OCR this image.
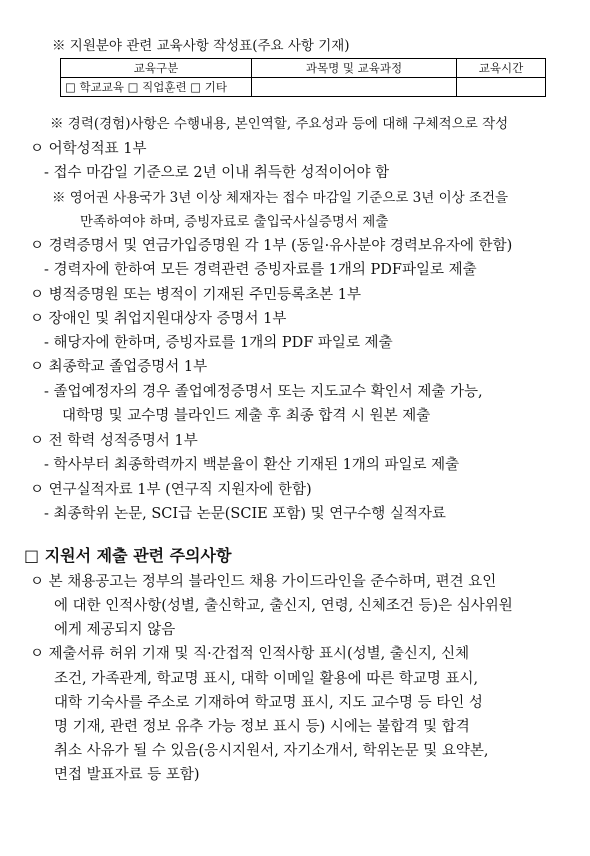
※ 지원분야 관련 교육사항 작성표(주요 사항 기재)
교육구분	과목명 및 교육과정	교육시간
□ 학교교육 □ 직업훈련 □ 기타		
※ 경력(경험)사항은 수행내용, 본인역할, 주요성과 등에 대해 구체적으로 작성
ㅇ 어학성적표 1부
- 접수 마감일 기준으로 2년 이내 취득한 성적이어야 함
※ 영어권 사용국가 3년 이상 체재자는 접수 마감일 기준으로 3년 이상 조건을
만족하여야 하며, 증빙자료로 출입국사실증명서 제출
ㅇ 경력증명서 및 연금가입증명원 각 1부 (동일·유사분야 경력보유자에 한함)
- 경력자에 한하여 모든 경력관련 증빙자료를 1개의 PDF파일로 제출
ㅇ 병적증명원 또는 병적이 기재된 주민등록초본 1부
ㅇ 장애인 및 취업지원대상자 증명서 1부
- 해당자에 한하며, 증빙자료를 1개의 PDF 파일로 제출
ㅇ 최종학교 졸업증명서 1부
- 졸업예정자의 경우 졸업예정증명서 또는 지도교수 확인서 제출 가능,
대학명 및 교수명 블라인드 제출 후 최종 합격 시 원본 제출
ㅇ 전 학력 성적증명서 1부
- 학사부터 최종학력까지 백분율이 환산 기재된 1개의 파일로 제출
ㅇ 연구실적자료 1부 (연구직 지원자에 한함)
- 최종학위 논문, SCI급 논문(SCIE 포함) 및 연구수행 실적자료
□ 지원서 제출 관련 주의사항
ㅇ 본 채용공고는 정부의 블라인드 채용 가이드라인을 준수하며, 편견 요인
에 대한 인적사항(성별, 출신학교, 출신지, 연령, 신체조건 등)은 심사위원
에게 제공되지 않음
ㅇ 제출서류 허위 기재 및 직·간접적 인적사항 표시(성별, 출신지, 신체
조건, 가족관계, 학교명 표시, 대학 이메일 활용에 따른 학교명 표시,
대학 기숙사를 주소로 기재하여 학교명 표시, 지도 교수명 등 타인 성
명 기재, 관련 정보 유추 가능 정보 표시 등) 시에는 불합격 및 합격
취소 사유가 될 수 있음(응시지원서, 자기소개서, 학위논문 및 요약본,
면접 발표자료 등 포함)
